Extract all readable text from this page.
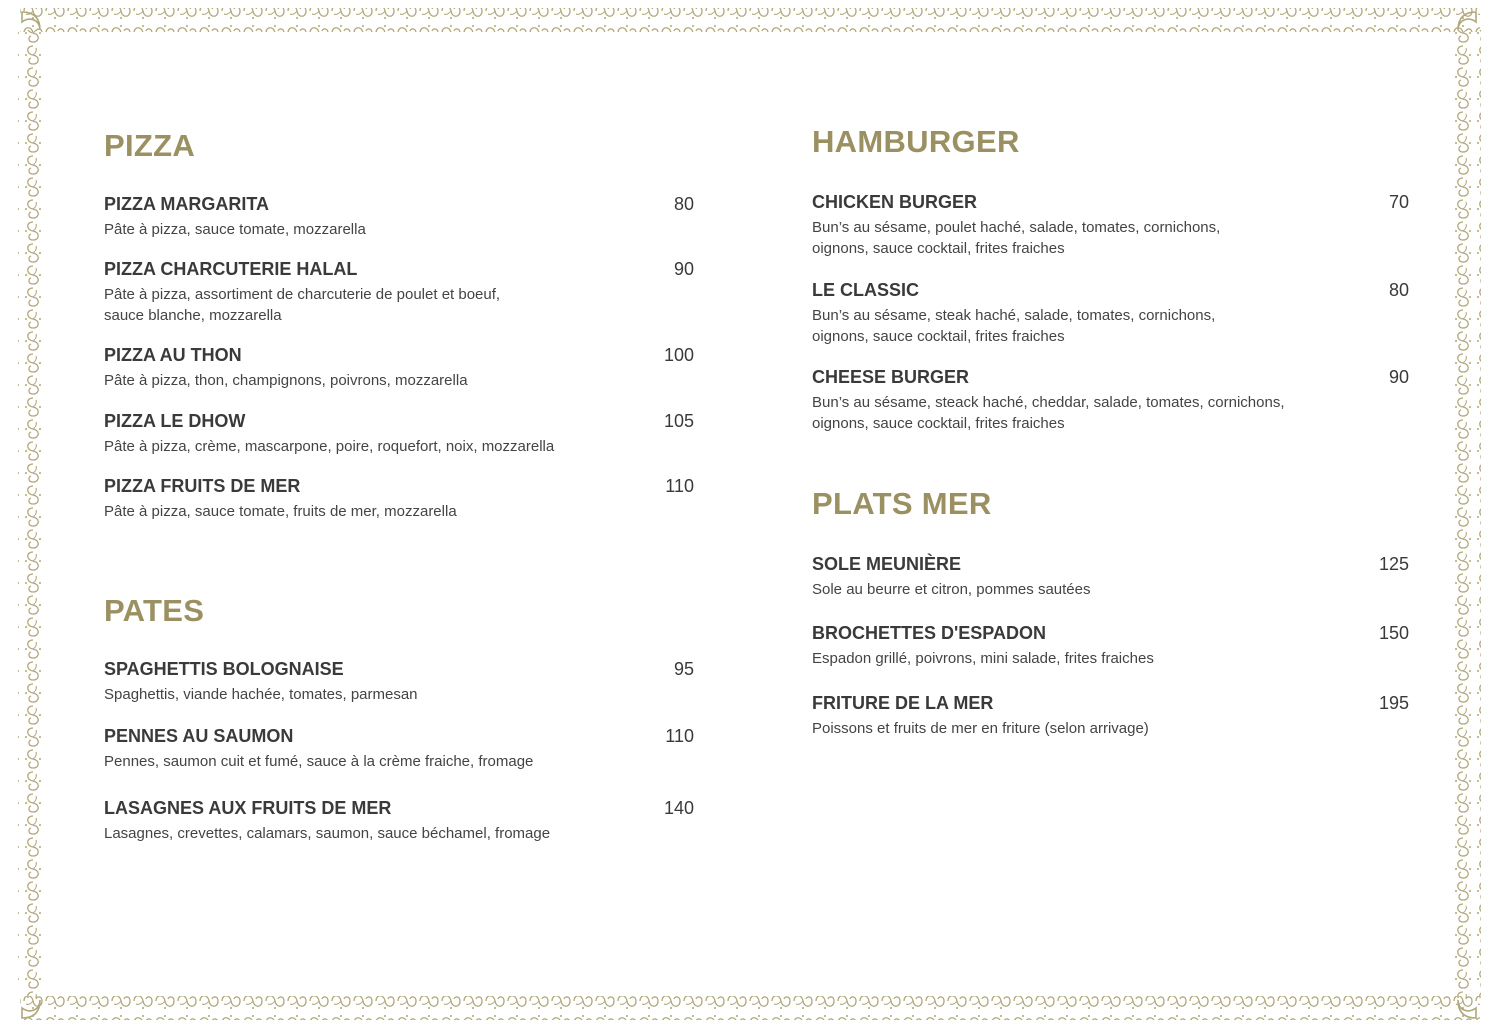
PIZZA
PIZZA MARGARITA	80
Pâte à pizza, sauce tomate, mozzarella
PIZZA CHARCUTERIE HALAL	90
Pâte à pizza, assortiment de charcuterie de poulet et boeuf, sauce blanche, mozzarella
PIZZA AU THON	100
Pâte à pizza, thon, champignons, poivrons, mozzarella
PIZZA LE DHOW	105
Pâte à pizza, crème, mascarpone, poire, roquefort, noix, mozzarella
PIZZA FRUITS DE MER	110
Pâte à pizza, sauce tomate, fruits de mer, mozzarella
PATES
SPAGHETTIS BOLOGNAISE	95
Spaghettis, viande hachée, tomates, parmesan
PENNES AU SAUMON	110
Pennes, saumon cuit et fumé, sauce à la crème fraiche, fromage
LASAGNES AUX FRUITS DE MER	140
Lasagnes, crevettes, calamars, saumon, sauce béchamel, fromage
HAMBURGER
CHICKEN BURGER	70
Bun’s au sésame, poulet haché, salade, tomates, cornichons, oignons, sauce cocktail, frites fraiches
LE CLASSIC	80
Bun’s au sésame, steak haché, salade, tomates, cornichons, oignons, sauce cocktail, frites fraiches
CHEESE BURGER	90
Bun’s au sésame, steack haché, cheddar, salade, tomates, cornichons, oignons, sauce cocktail, frites fraiches
PLATS MER
SOLE MEUNIÈRE	125
Sole au beurre et citron, pommes sautées
BROCHETTES D'ESPADON	150
Espadon grillé, poivrons, mini salade, frites fraiches
FRITURE DE LA MER	195
Poissons et fruits de mer en friture (selon arrivage)
